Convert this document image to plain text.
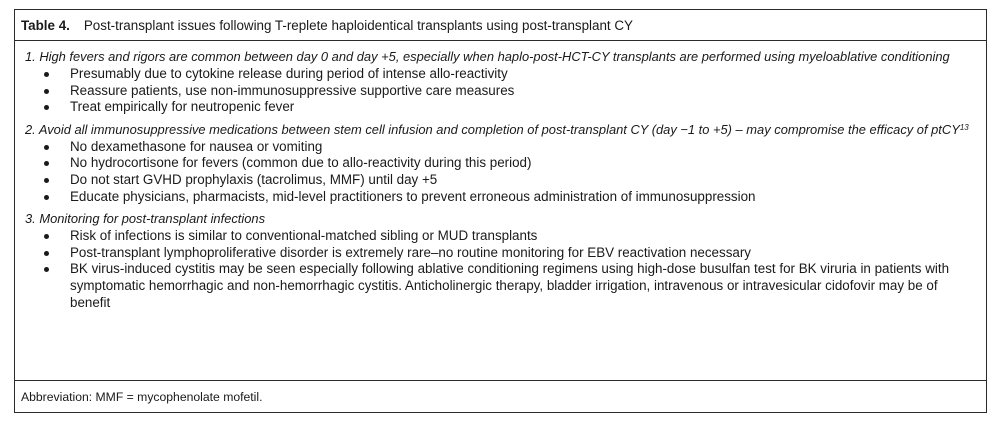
Table 4. Post-transplant issues following T-replete haploidentical transplants using post-transplant CY
1. High fevers and rigors are common between day 0 and day +5, especially when haplo-post-HCT-CY transplants are performed using myeloablative conditioning
Presumably due to cytokine release during period of intense allo-reactivity
Reassure patients, use non-immunosuppressive supportive care measures
Treat empirically for neutropenic fever
2. Avoid all immunosuppressive medications between stem cell infusion and completion of post-transplant CY (day −1 to +5) – may compromise the efficacy of ptCY$^{13}$
No dexamethasone for nausea or vomiting
No hydrocortisone for fevers (common due to allo-reactivity during this period)
Do not start GVHD prophylaxis (tacrolimus, MMF) until day +5
Educate physicians, pharmacists, mid-level practitioners to prevent erroneous administration of immunosuppression
3. Monitoring for post-transplant infections
Risk of infections is similar to conventional-matched sibling or MUD transplants
Post-transplant lymphoproliferative disorder is extremely rare–no routine monitoring for EBV reactivation necessary
BK virus-induced cystitis may be seen especially following ablative conditioning regimens using high-dose busulfan test for BK viruria in patients with symptomatic hemorrhagic and non-hemorrhagic cystitis. Anticholinergic therapy, bladder irrigation, intravenous or intravesicular cidofovir may be of benefit
Abbreviation: MMF = mycophenolate mofetil.
